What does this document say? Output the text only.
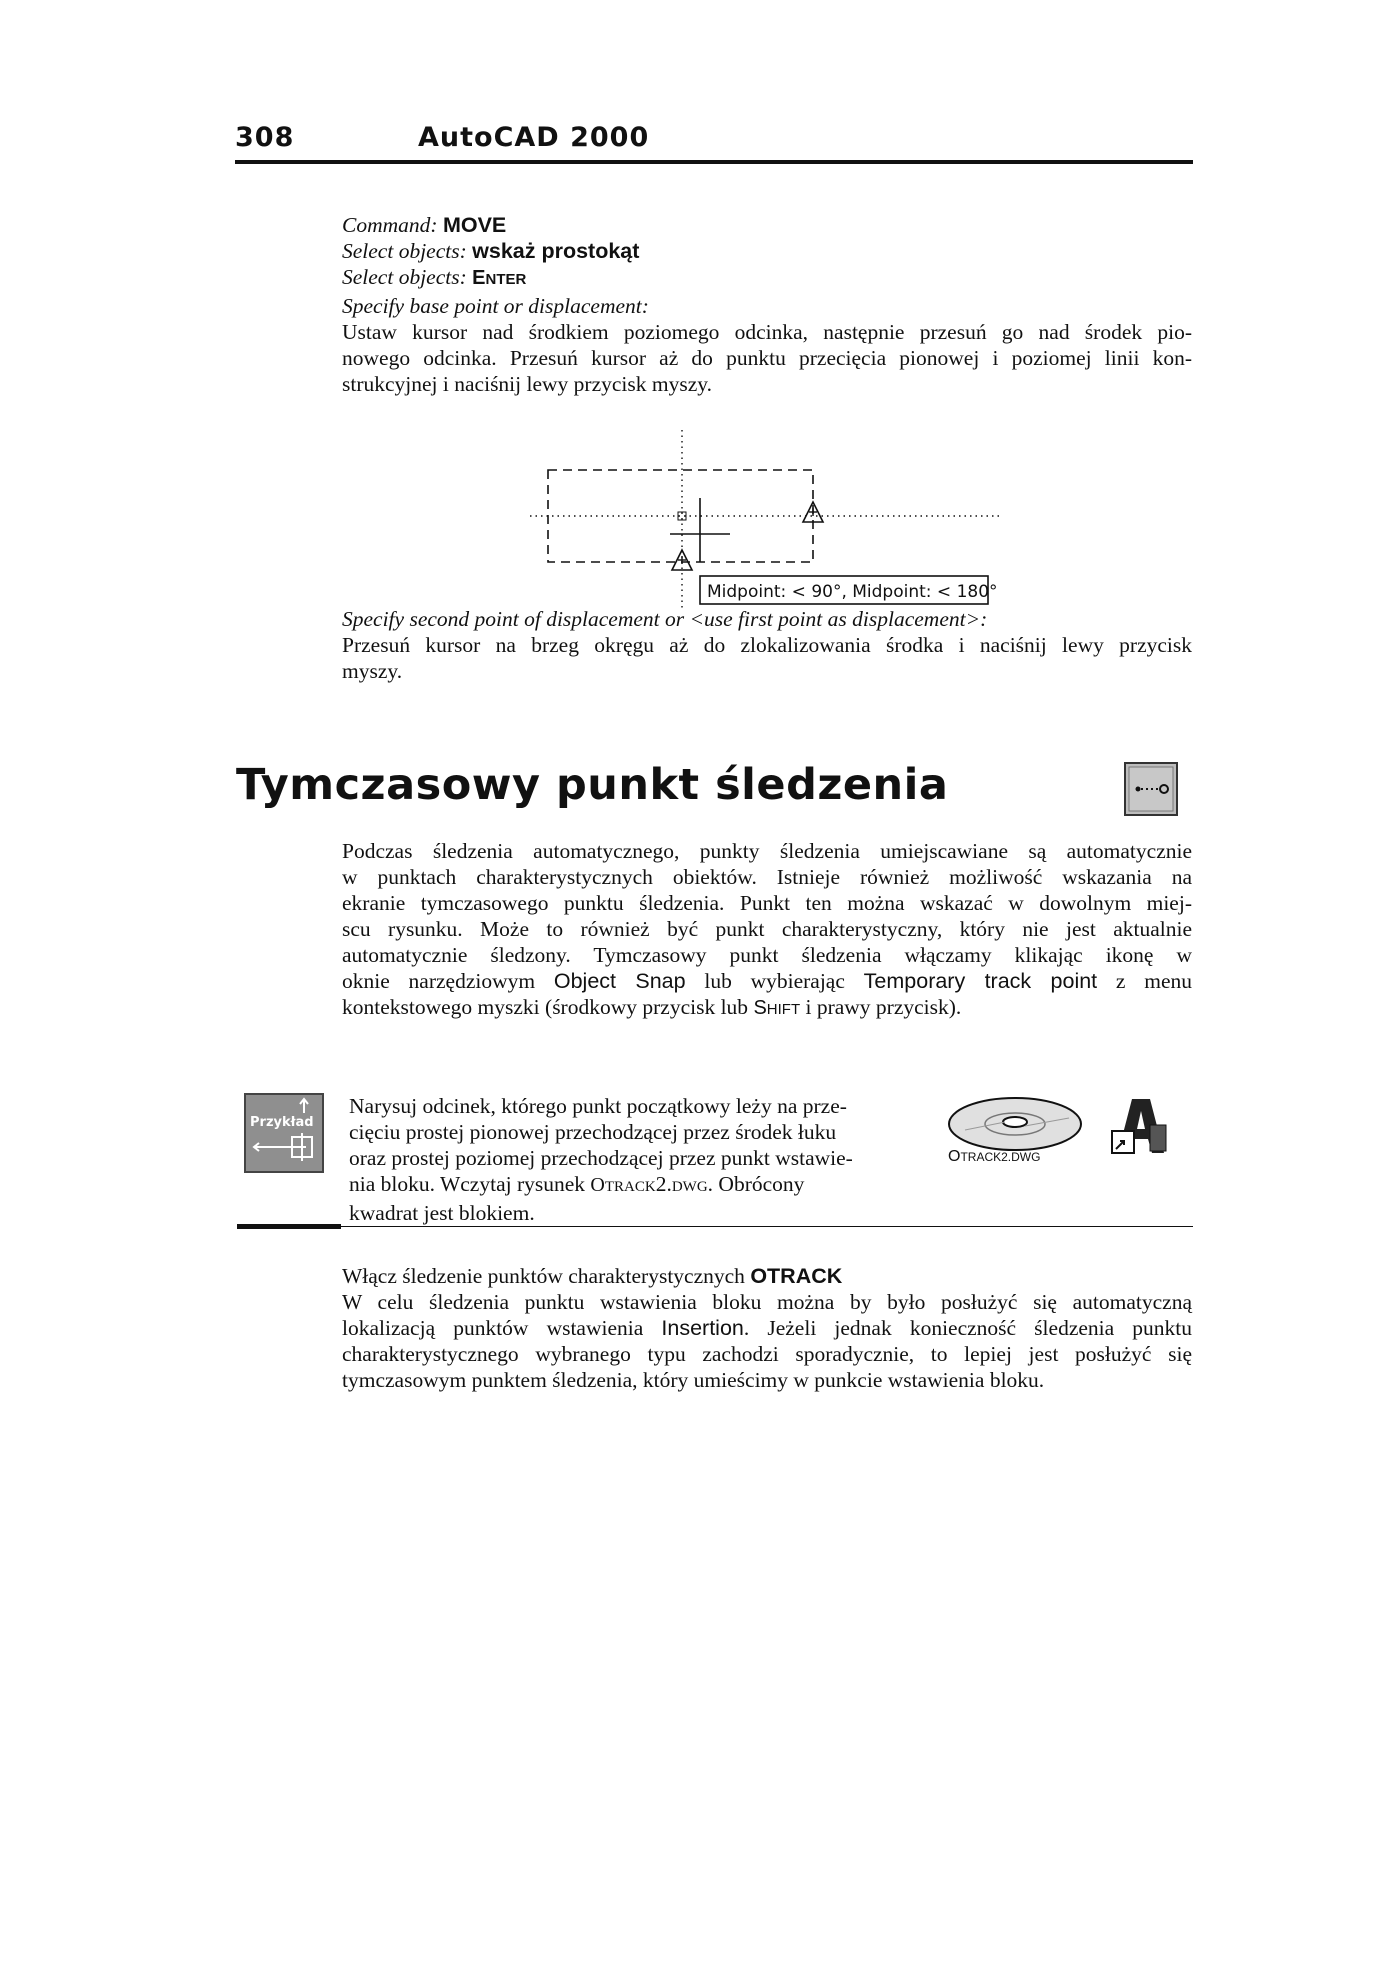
308	AutoCAD 2000
Command: MOVE
Select objects: wskaż prostokąt
Select objects: ENTER
Specify base point or displacement:
Ustaw kursor nad środkiem poziomego odcinka, następnie przesuń go nad środek pio-
nowego odcinka. Przesuń kursor aż do punktu przecięcia pionowej i poziomej linii kon-
strukcyjnej i naciśnij lewy przycisk myszy.
Midpoint: < 90°, Midpoint: < 180°
Specify second point of displacement or <use first point as displacement>:
Przesuń kursor na brzeg okręgu aż do zlokalizowania środka i naciśnij lewy przycisk
myszy.
Tymczasowy punkt śledzenia
Podczas śledzenia automatycznego, punkty śledzenia umiejscawiane są automatycznie
w punktach charakterystycznych obiektów. Istnieje również możliwość wskazania na
ekranie tymczasowego punktu śledzenia. Punkt ten można wskazać w dowolnym miej-
scu rysunku. Może to również być punkt charakterystyczny, który nie jest aktualnie
automatycznie śledzony. Tymczasowy punkt śledzenia włączamy klikając ikonę w
oknie narzędziowym Object Snap lub wybierając Temporary track point z menu
kontekstowego myszki (środkowy przycisk lub SHIFT i prawy przycisk).
Przykład
Narysuj odcinek, którego punkt początkowy leży na prze-
cięciu prostej pionowej przechodzącej przez środek łuku
oraz prostej poziomej przechodzącej przez punkt wstawie-
nia bloku. Wczytaj rysunek OTRACK2.DWG. Obrócony
kwadrat jest blokiem.
OTRACK2.DWG
Włącz śledzenie punktów charakterystycznych OTRACK
W celu śledzenia punktu wstawienia bloku można by było posłużyć się automatyczną
lokalizacją punktów wstawienia Insertion. Jeżeli jednak konieczność śledzenia punktu
charakterystycznego wybranego typu zachodzi sporadycznie, to lepiej jest posłużyć się
tymczasowym punktem śledzenia, który umieścimy w punkcie wstawienia bloku.
